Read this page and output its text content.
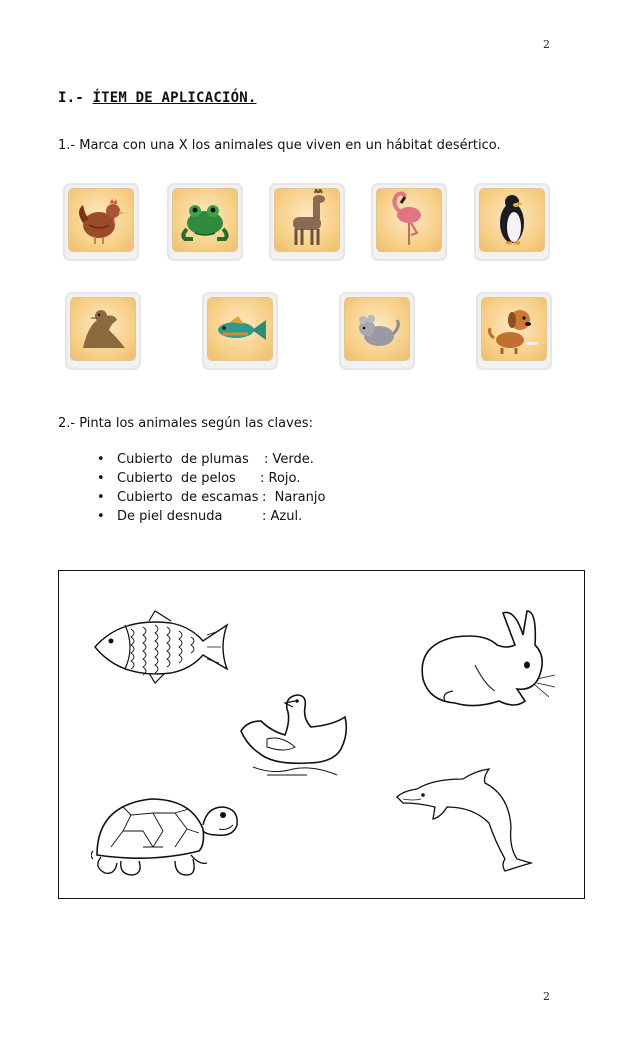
2
I.- ÍTEM DE APLICACIÓN.
1.- Marca con una X los animales que viven en un hábitat desértico.
2.- Pinta los animales según las claves:

•

Cubierto  de plumas

: Verde.

•

Cubierto  de pelos

: Rojo.

•

Cubierto  de escamas

:  Naranjo

•

De piel desnuda

	: Azul.

2
